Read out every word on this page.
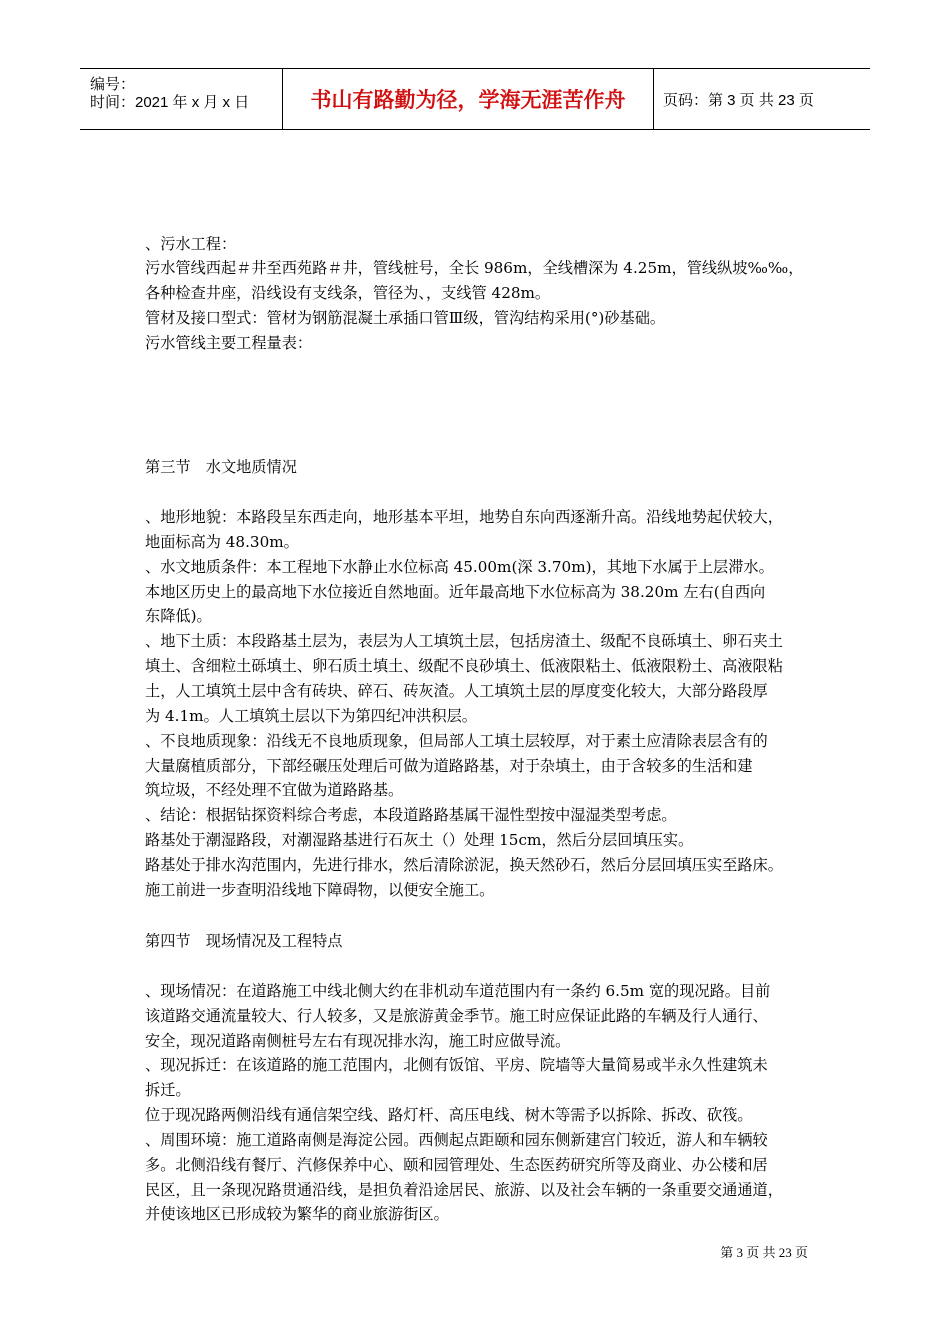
编号：
时间：2021 年 x 月 x 日	书山有路勤为径，学海无涯苦作舟	页码：第 3 页 共 23 页
、污水工程：
污水管线西起＃井至西苑路＃井，管线桩号，全长 986m，全线槽深为 4.25m，管线纵坡‰‰，
各种检查井座，沿线设有支线条，管径为、，支线管 428m。
管材及接口型式：管材为钢筋混凝土承插口管Ⅲ级，管沟结构采用(°)砂基础。
污水管线主要工程量表：
第三节　水文地质情况
、地形地貌：本路段呈东西走向，地形基本平坦，地势自东向西逐渐升高。沿线地势起伏较大，
地面标高为 48.30m。
、水文地质条件：本工程地下水静止水位标高 45.00m(深 3.70m)，其地下水属于上层滞水。
本地区历史上的最高地下水位接近自然地面。近年最高地下水位标高为 38.20m 左右(自西向
东降低)。
、地下土质：本段路基土层为，表层为人工填筑土层，包括房渣土、级配不良砾填土、卵石夹土
填土、含细粒土砾填土、卵石质土填土、级配不良砂填土、低液限粘土、低液限粉土、高液限粘
土，人工填筑土层中含有砖块、碎石、砖灰渣。人工填筑土层的厚度变化较大，大部分路段厚
为 4.1m。人工填筑土层以下为第四纪冲洪积层。
、不良地质现象：沿线无不良地质现象，但局部人工填土层较厚，对于素土应清除表层含有的
大量腐植质部分，下部经碾压处理后可做为道路路基，对于杂填土，由于含较多的生活和建
筑垃圾，不经处理不宜做为道路路基。
、结论：根据钻探资料综合考虑，本段道路路基属干湿性型按中湿湿类型考虑。
路基处于潮湿路段，对潮湿路基进行石灰土（）处理 15cm，然后分层回填压实。
路基处于排水沟范围内，先进行排水，然后清除淤泥，换天然砂石，然后分层回填压实至路床。
施工前进一步查明沿线地下障碍物，以便安全施工。
第四节　现场情况及工程特点
、现场情况：在道路施工中线北侧大约在非机动车道范围内有一条约 6.5m 宽的现况路。目前
该道路交通流量较大、行人较多，又是旅游黄金季节。施工时应保证此路的车辆及行人通行、
安全，现况道路南侧桩号左右有现况排水沟，施工时应做导流。
、现况拆迁：在该道路的施工范围内，北侧有饭馆、平房、院墙等大量简易或半永久性建筑未
拆迁。
位于现况路两侧沿线有通信架空线、路灯杆、高压电线、树木等需予以拆除、拆改、砍筏。
、周围环境：施工道路南侧是海淀公园。西侧起点距颐和园东侧新建宫门较近，游人和车辆较
多。北侧沿线有餐厅、汽修保养中心、颐和园管理处、生态医药研究所等及商业、办公楼和居
民区，且一条现况路贯通沿线，是担负着沿途居民、旅游、以及社会车辆的一条重要交通通道，
并使该地区已形成较为繁华的商业旅游街区。
第 3 页 共 23 页
